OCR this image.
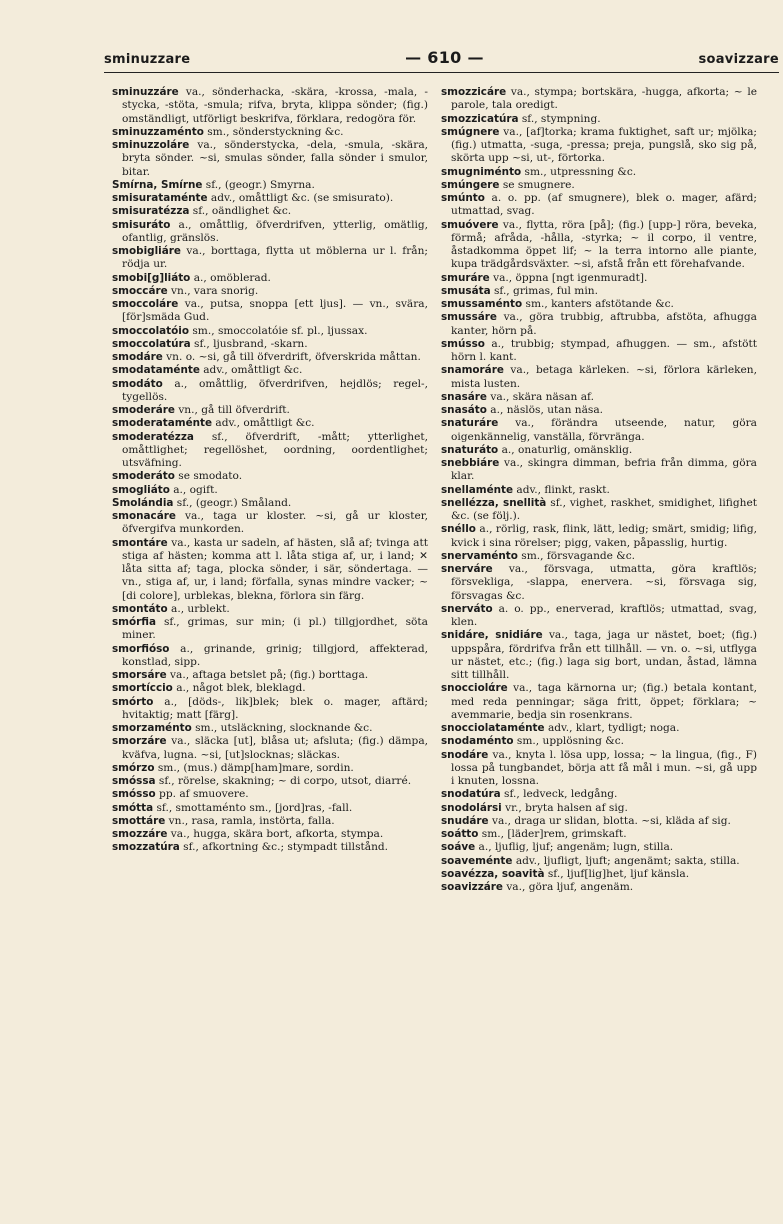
sminuzzare	— 610 —	soavizzare
sminuzzáre va., sönderhacka, -skära, -krossa, -mala, -stycka, -stöta, -smula; rifva, bryta, klippa sönder; (fig.) omständligt, utförligt beskrifva, förklara, redogöra för.
sminuzzaménto sm., sönderstyckning &c.
sminuzzoláre va., sönderstycka, -dela, -smula, -skära, bryta sönder. ~si, smulas sönder, falla sönder i smulor, bitar.
Smírna, Smírne sf., (geogr.) Smyrna.
smisurataménte adv., omåttligt &c. (se smisurato).
smisuratézza sf., oändlighet &c.
smisuráto a., omåttlig, öfverdrifven, ytterlig, omätlig, ofantlig, gränslös.
smobigliáre va., borttaga, flytta ut möblerna ur l. från; rödja ur.
smobi[g]liáto a., omöblerad.
smoccáre vn., vara snorig.
smoccoláre va., putsa, snoppa [ett ljus]. — vn., svära, [för]smäda Gud.
smoccolatóio sm., smoccolatóie sf. pl., ljussax.
smoccolatúra sf., ljusbrand, -skarn.
smodáre vn. o. ~si, gå till öfverdrift, öfverskrida måttan.
smodataménte adv., omåttligt &c.
smodáto a., omåttlig, öfverdrifven, hejdlös; regel-, tygellös.
smoderáre vn., gå till öfverdrift.
smoderataménte adv., omåttligt &c.
smoderatézza sf., öfverdrift, -mått; ytterlighet, omåttlighet; regellöshet, oordning, oordentlighet; utsväfning.
smoderáto se smodato.
smogliáto a., ogift.
Smolándia sf., (geogr.) Småland.
smonacáre va., taga ur kloster. ~si, gå ur kloster, öfvergifva munkorden.
smontáre va., kasta ur sadeln, af hästen, slå af; tvinga att stiga af hästen; komma att l. låta stiga af, ur, i land; ✕ låta sitta af; taga, plocka sönder, i sär, söndertaga. — vn., stiga af, ur, i land; förfalla, synas mindre vacker; ~ [di colore], urblekas, blekna, förlora sin färg.
smontáto a., urblekt.
smórfia sf., grimas, sur min; (i pl.) tillgjordhet, söta miner.
smorfióso a., grinande, grinig; tillgjord, affekterad, konstlad, sipp.
smorsáre va., aftaga betslet på; (fig.) borttaga.
smortíccio a., något blek, bleklagd.
smórto a., [döds-, lik]blek; blek o. mager, aftärd; hvitaktig; matt [färg].
smorzaménto sm., utsläckning, slocknande &c.
smorzáre va., släcka [ut], blåsa ut; afsluta; (fig.) dämpa, kväfva, lugna. ~si, [ut]slocknas; släckas.
smórzo sm., (mus.) dämp[ham]mare, sordin.
smóssa sf., rörelse, skakning; ~ di corpo, utsot, diarré.
smósso pp. af smuovere.
smótta sf., smottaménto sm., [jord]ras, -fall.
smottáre vn., rasa, ramla, instörta, falla.
smozzáre va., hugga, skära bort, afkorta, stympa.
smozzatúra sf., afkortning &c.; stympadt tillstånd.
smozzicáre va., stympa; bortskära, -hugga, afkorta; ~ le parole, tala oredigt.
smozzicatúra sf., stympning.
smúgnere va., [af]torka; krama fuktighet, saft ur; mjölka; (fig.) utmatta, -suga, -pressa; preja, pungslå, sko sig på, skörta upp ~si, ut-, förtorka.
smugniménto sm., utpressning &c.
smúngere se smugnere.
smúnto a. o. pp. (af smugnere), blek o. mager, afärd; utmattad, svag.
smuóvere va., flytta, röra [på]; (fig.) [upp-] röra, beveka, förmå; afråda, -hålla, -styrka; ~ il corpo, il ventre, åstadkomma öppet lif; ~ la terra intorno alle piante, kupa trädgårdsväxter. ~si, afstå från ett förehafvande.
smuráre va., öppna [ngt igenmuradt].
smusáta sf., grimas, ful min.
smussaménto sm., kanters afstötande &c.
smussáre va., göra trubbig, aftrubba, afstöta, afhugga kanter, hörn på.
smússo a., trubbig; stympad, afhuggen. — sm., afstött hörn l. kant.
snamoráre va., betaga kärleken. ~si, förlora kärleken, mista lusten.
snasáre va., skära näsan af.
snasáto a., näslös, utan näsa.
snaturáre va., förändra utseende, natur, göra oigenkännelig, vanställa, förvränga.
snaturáto a., onaturlig, omänsklig.
snebbiáre va., skingra dimman, befria från dimma, göra klar.
snellaménte adv., flinkt, raskt.
snellézza, snellità sf., vighet, raskhet, smidighet, lifighet &c. (se följ.).
snéllo a., rörlig, rask, flink, lätt, ledig; smärt, smidig; lifig, kvick i sina rörelser; pigg, vaken, påpasslig, hurtig.
snervaménto sm., försvagande &c.
snerváre va., försvaga, utmatta, göra kraftlös; försvekliga, -slappa, enervera. ~si, försvaga sig, försvagas &c.
snerváto a. o. pp., enerverad, kraftlös; utmattad, svag, klen.
snidáre, snidiáre va., taga, jaga ur nästet, boet; (fig.) uppspåra, fördrifva från ett tillhåll. — vn. o. ~si, utflyga ur nästet, etc.; (fig.) laga sig bort, undan, åstad, lämna sitt tillhåll.
snocciolάre va., taga kärnorna ur; (fig.) betala kontant, med reda penningar; säga fritt, öppet; förklara; ~ avemmarie, bedja sin rosenkrans.
snocciolataménte adv., klart, tydligt; noga.
snodaménto sm., upplösning &c.
snodáre va., knyta l. lösa upp, lossa; ~ la lingua, (fig., F) lossa på tungbandet, börja att få mål i mun. ~si, gå upp i knuten, lossna.
snodatúra sf., ledveck, ledgång.
snodolársi vr., bryta halsen af sig.
snudáre va., draga ur slidan, blotta. ~si, kläda af sig.
soátto sm., [läder]rem, grimskaft.
soáve a., ljuflig, ljuf; angenäm; lugn, stilla.
soaveménte adv., ljufligt, ljuft; angenämt; sakta, stilla.
soavézza, soavità sf., ljuf[lig]het, ljuf känsla.
soavizzáre va., göra ljuf, angenäm.
